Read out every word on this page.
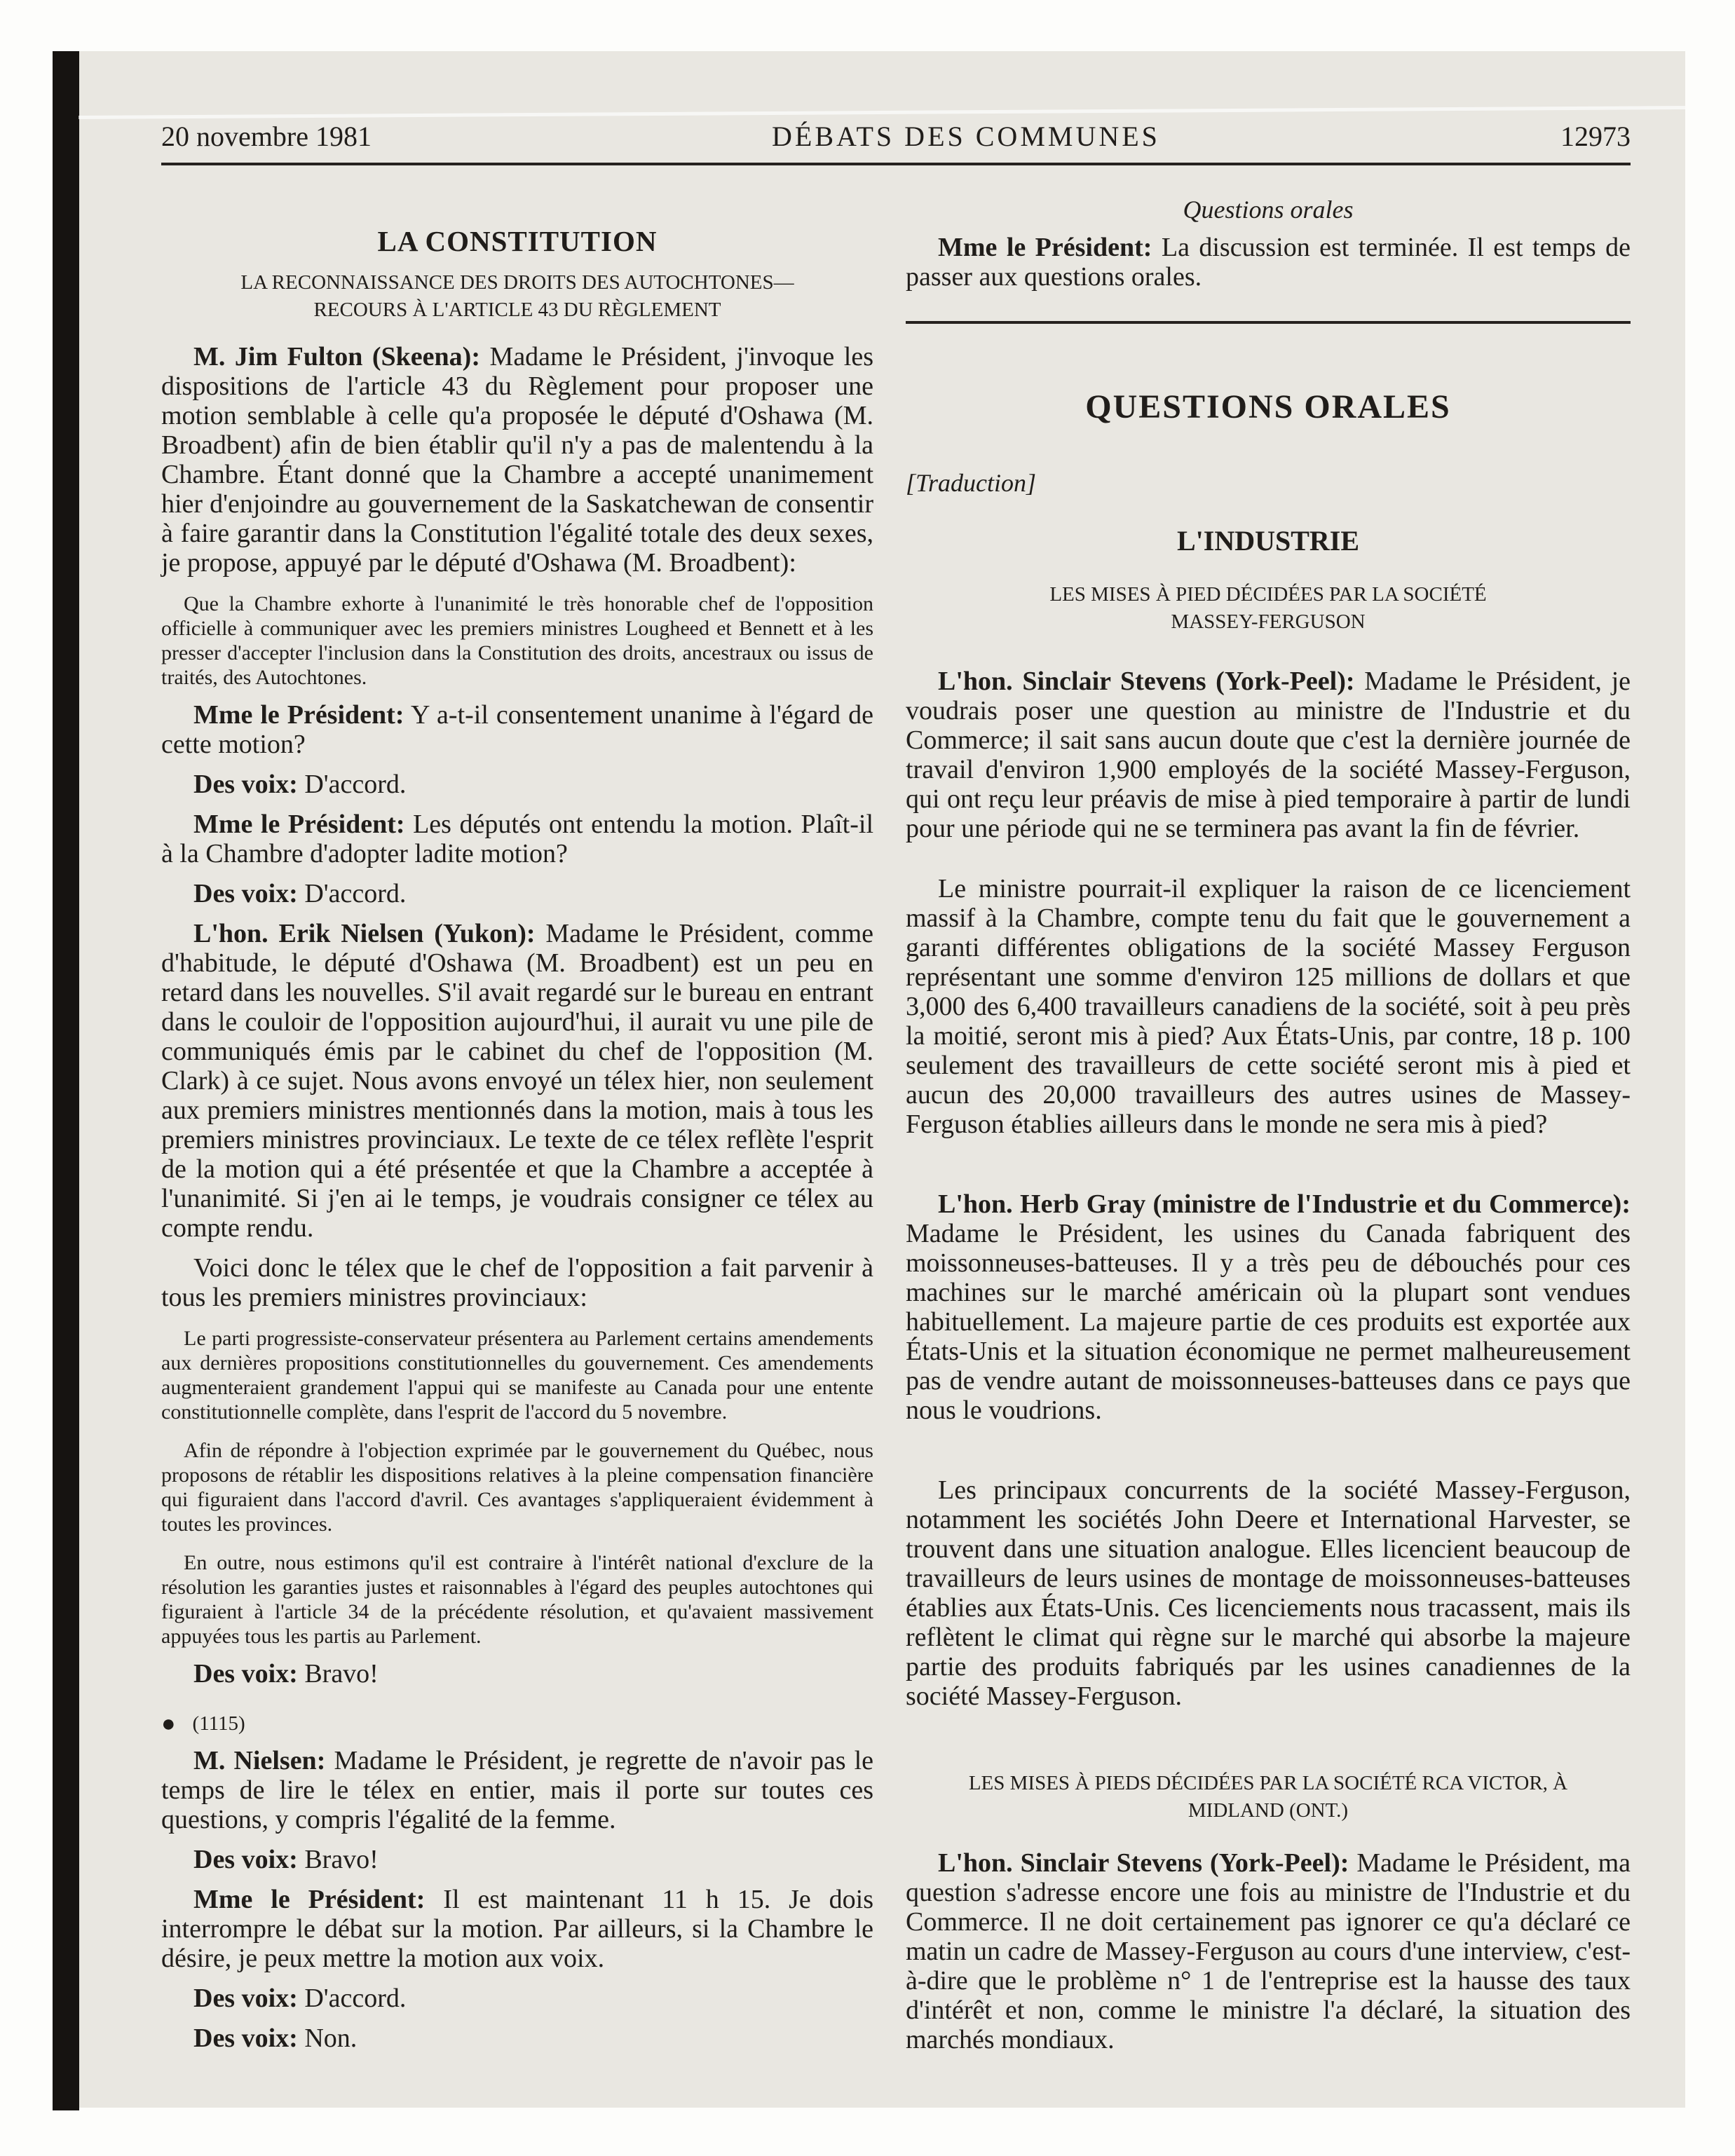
20 novembre 1981	DÉBATS DES COMMUNES	12973
LA CONSTITUTION
LA RECONNAISSANCE DES DROITS DES AUTOCHTONES—
RECOURS À L'ARTICLE 43 DU RÈGLEMENT

M. Jim Fulton (Skeena): Madame le Président, j'invoque les dispositions de l'article 43 du Règlement pour proposer une motion semblable à celle qu'a proposée le député d'Oshawa (M. Broadbent) afin de bien établir qu'il n'y a pas de malentendu à la Chambre. Étant donné que la Chambre a accepté unanimement hier d'enjoindre au gouvernement de la Saskatchewan de consentir à faire garantir dans la Constitution l'égalité totale des deux sexes, je propose, appuyé par le député d'Oshawa (M. Broadbent):

Que la Chambre exhorte à l'unanimité le très honorable chef de l'opposition officielle à communiquer avec les premiers ministres Lougheed et Bennett et à les presser d'accepter l'inclusion dans la Constitution des droits, ancestraux ou issus de traités, des Autochtones.

Mme le Président: Y a-t-il consentement unanime à l'égard de cette motion?

Des voix: D'accord.

Mme le Président: Les députés ont entendu la motion. Plaît-il à la Chambre d'adopter ladite motion?

Des voix: D'accord.

L'hon. Erik Nielsen (Yukon): Madame le Président, comme d'habitude, le député d'Oshawa (M. Broadbent) est un peu en retard dans les nouvelles. S'il avait regardé sur le bureau en entrant dans le couloir de l'opposition aujourd'hui, il aurait vu une pile de communiqués émis par le cabinet du chef de l'opposition (M. Clark) à ce sujet. Nous avons envoyé un télex hier, non seulement aux premiers ministres mentionnés dans la motion, mais à tous les premiers ministres provinciaux. Le texte de ce télex reflète l'esprit de la motion qui a été présentée et que la Chambre a acceptée à l'unanimité. Si j'en ai le temps, je voudrais consigner ce télex au compte rendu.

Voici donc le télex que le chef de l'opposition a fait parvenir à tous les premiers ministres provinciaux:

Le parti progressiste-conservateur présentera au Parlement certains amendements aux dernières propositions constitutionnelles du gouvernement. Ces amendements augmenteraient grandement l'appui qui se manifeste au Canada pour une entente constitutionnelle complète, dans l'esprit de l'accord du 5 novembre.

Afin de répondre à l'objection exprimée par le gouvernement du Québec, nous proposons de rétablir les dispositions relatives à la pleine compensation financière qui figuraient dans l'accord d'avril. Ces avantages s'appliqueraient évidemment à toutes les provinces.

En outre, nous estimons qu'il est contraire à l'intérêt national d'exclure de la résolution les garanties justes et raisonnables à l'égard des peuples autochtones qui figuraient à l'article 34 de la précédente résolution, et qu'avaient massivement appuyées tous les partis au Parlement.

Des voix: Bravo!

● (1115)

M. Nielsen: Madame le Président, je regrette de n'avoir pas le temps de lire le télex en entier, mais il porte sur toutes ces questions, y compris l'égalité de la femme.

Des voix: Bravo!

Mme le Président: Il est maintenant 11 h 15. Je dois interrompre le débat sur la motion. Par ailleurs, si la Chambre le désire, je peux mettre la motion aux voix.

Des voix: D'accord.

Des voix: Non.

Questions orales

Mme le Président: La discussion est terminée. Il est temps de passer aux questions orales.

QUESTIONS ORALES
[Traduction]
L'INDUSTRIE
LES MISES À PIED DÉCIDÉES PAR LA SOCIÉTÉ
MASSEY-FERGUSON

L'hon. Sinclair Stevens (York-Peel): Madame le Président, je voudrais poser une question au ministre de l'Industrie et du Commerce; il sait sans aucun doute que c'est la dernière journée de travail d'environ 1,900 employés de la société Massey-Ferguson, qui ont reçu leur préavis de mise à pied temporaire à partir de lundi pour une période qui ne se terminera pas avant la fin de février.

Le ministre pourrait-il expliquer la raison de ce licenciement massif à la Chambre, compte tenu du fait que le gouvernement a garanti différentes obligations de la société Massey Ferguson représentant une somme d'environ 125 millions de dollars et que 3,000 des 6,400 travailleurs canadiens de la société, soit à peu près la moitié, seront mis à pied? Aux États-Unis, par contre, 18 p. 100 seulement des travailleurs de cette société seront mis à pied et aucun des 20,000 travailleurs des autres usines de Massey-Ferguson établies ailleurs dans le monde ne sera mis à pied?

L'hon. Herb Gray (ministre de l'Industrie et du Commerce): Madame le Président, les usines du Canada fabriquent des moissonneuses-batteuses. Il y a très peu de débouchés pour ces machines sur le marché américain où la plupart sont vendues habituellement. La majeure partie de ces produits est exportée aux États-Unis et la situation économique ne permet malheureusement pas de vendre autant de moissonneuses-batteuses dans ce pays que nous le voudrions.

Les principaux concurrents de la société Massey-Ferguson, notamment les sociétés John Deere et International Harvester, se trouvent dans une situation analogue. Elles licencient beaucoup de travailleurs de leurs usines de montage de moissonneuses-batteuses établies aux États-Unis. Ces licenciements nous tracassent, mais ils reflètent le climat qui règne sur le marché qui absorbe la majeure partie des produits fabriqués par les usines canadiennes de la société Massey-Ferguson.

LES MISES À PIEDS DÉCIDÉES PAR LA SOCIÉTÉ RCA VICTOR, À
MIDLAND (ONT.)

L'hon. Sinclair Stevens (York-Peel): Madame le Président, ma question s'adresse encore une fois au ministre de l'Industrie et du Commerce. Il ne doit certainement pas ignorer ce qu'a déclaré ce matin un cadre de Massey-Ferguson au cours d'une interview, c'est-à-dire que le problème n° 1 de l'entreprise est la hausse des taux d'intérêt et non, comme le ministre l'a déclaré, la situation des marchés mondiaux.
